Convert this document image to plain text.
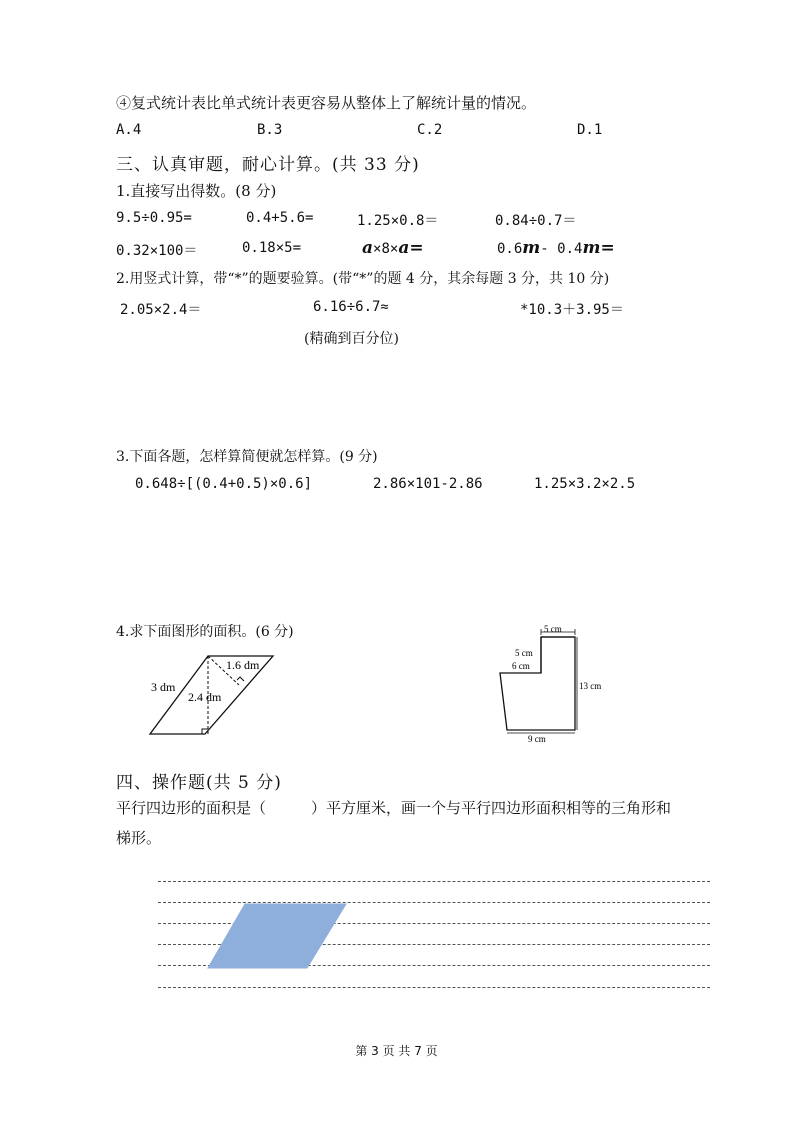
④复式统计表比单式统计表更容易从整体上了解统计量的情况。
A.4	B.3	C.2	D.1
三、认真审题，耐心计算。(共 33 分)
1.直接写出得数。(8 分)
9.5÷0.95=	0.4+5.6=	1.25×0.8＝	0.84÷0.7＝
0.32×100＝	0.18×5=	a×8×a=	0.6m- 0.4m=
2.用竖式计算，带“*”的题要验算。(带“*”的题 4 分，其余每题 3 分，共 10 分)
2.05×2.4＝	6.16÷6.7≈	*10.3＋3.95＝
(精确到百分位)
3.下面各题，怎样算简便就怎样算。(9 分)
0.648÷[(0.4+0.5)×0.6]	2.86×101-2.86	1.25×3.2×2.5
4.求下面图形的面积。(6 分)
3 dm
1.6 dm
2.4 dm
5 cm
5 cm
6 cm
13 cm
9 cm
四、操作题(共 5 分)
平行四边形的面积是（　　　）平方厘米，画一个与平行四边形面积相等的三角形和
梯形。
第 3 页 共 7 页
